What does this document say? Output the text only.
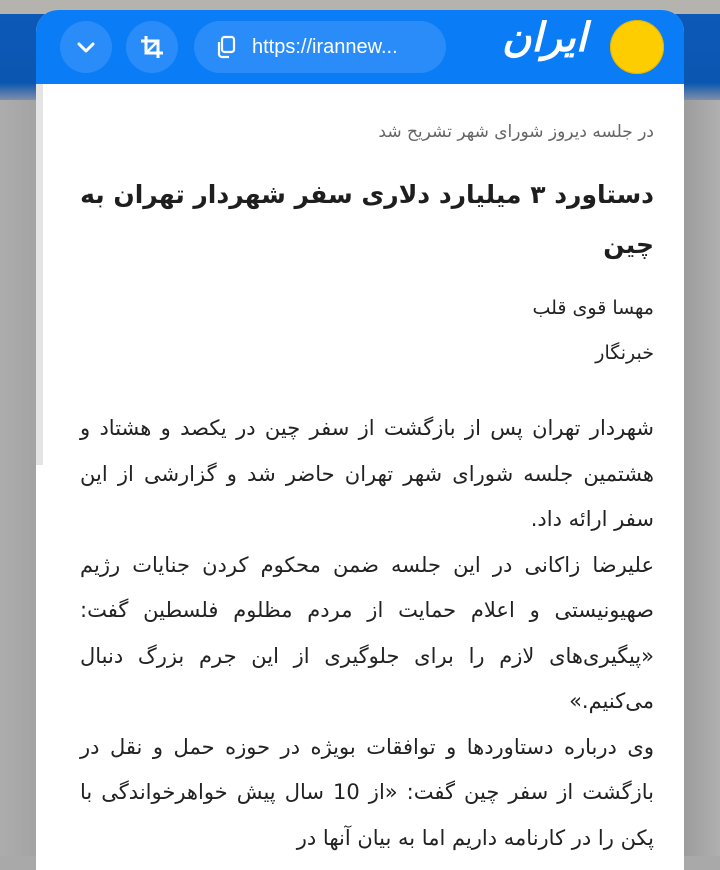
https://irannew...	ایران
در جلسه دیروز شورای شهر تشریح شد
دستاورد ۳ میلیارد دلاری سفر شهردار تهران به چین
مهسا قوی قلب
خبرنگار

شهردار تهران پس از بازگشت از سفر چین در یکصد و هشتاد و هشتمین جلسه شورای شهر تهران حاضر شد و گزارشی از این سفر ارائه داد.

علیرضا زاکانی در این جلسه ضمن محکوم کردن جنایات رژیم صهیونیستی و اعلام حمایت از مردم مظلوم فلسطین گفت: «پیگیری‌های لازم را برای جلوگیری از این جرم بزرگ دنبال می‌کنیم.»

وی درباره دستاوردها و توافقات بویژه در حوزه حمل و نقل در بازگشت از سفر چین گفت: «از 10 سال پیش خواهرخواندگی با پکن را در کارنامه داریم اما به بیان آنها در
